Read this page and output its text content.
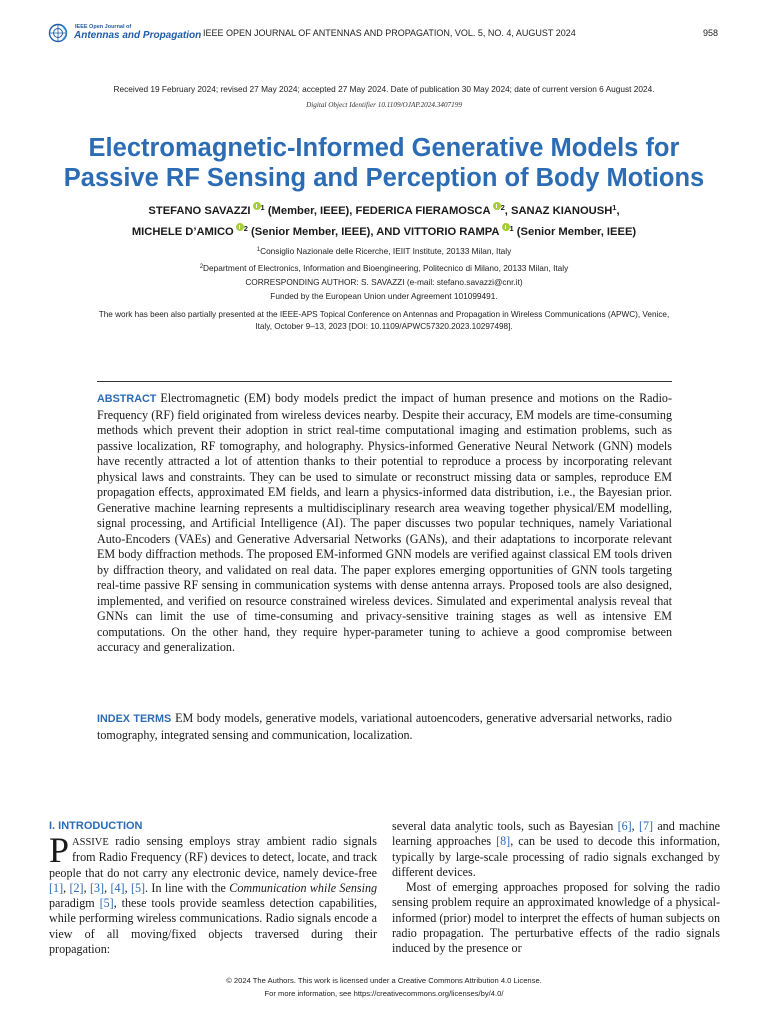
IEEE Open Journal of
Antennas and Propagation IEEE OPEN JOURNAL OF ANTENNAS AND PROPAGATION, VOL. 5, NO. 4, AUGUST 2024	958
Received 19 February 2024; revised 27 May 2024; accepted 27 May 2024. Date of publication 30 May 2024; date of current version 6 August 2024.
Digital Object Identifier 10.1109/OJAP.2024.3407199
Electromagnetic-Informed Generative Models for
Passive RF Sensing and Perception of Body Motions
STEFANO SAVAZZI $^1$ (Member, IEEE), FEDERICA FIERAMOSCA $^2$, SANAZ KIANOUSH$^1$,
MICHELE D’AMICO $^2$ (Senior Member, IEEE), AND VITTORIO RAMPA $^1$ (Senior Member, IEEE)
$^1$Consiglio Nazionale delle Ricerche, IEIIT Institute, 20133 Milan, Italy
$^2$Department of Electronics, Information and Bioengineering, Politecnico di Milano, 20133 Milan, Italy
CORRESPONDING AUTHOR: S. SAVAZZI (e-mail: stefano.savazzi@cnr.it)
Funded by the European Union under Agreement 101099491.
The work has been also partially presented at the IEEE-APS Topical Conference on Antennas and Propagation in Wireless Communications (APWC), Venice, Italy, October 9–13, 2023 [DOI: 10.1109/APWC57320.2023.10297498].
ABSTRACT Electromagnetic (EM) body models predict the impact of human presence and motions on the Radio-Frequency (RF) field originated from wireless devices nearby. Despite their accuracy, EM models are time-consuming methods which prevent their adoption in strict real-time computational imaging and estimation problems, such as passive localization, RF tomography, and holography. Physics-informed Generative Neural Network (GNN) models have recently attracted a lot of attention thanks to their potential to reproduce a process by incorporating relevant physical laws and constraints. They can be used to simulate or reconstruct missing data or samples, reproduce EM propagation effects, approximated EM fields, and learn a physics-informed data distribution, i.e., the Bayesian prior. Generative machine learning represents a multidisciplinary research area weaving together physical/EM modelling, signal processing, and Artificial Intelligence (AI). The paper discusses two popular techniques, namely Variational Auto-Encoders (VAEs) and Generative Adversarial Networks (GANs), and their adaptations to incorporate relevant EM body diffraction methods. The proposed EM-informed GNN models are verified against classical EM tools driven by diffraction theory, and validated on real data. The paper explores emerging opportunities of GNN tools targeting real-time passive RF sensing in communication systems with dense antenna arrays. Proposed tools are also designed, implemented, and verified on resource constrained wireless devices. Simulated and experimental analysis reveal that GNNs can limit the use of time-consuming and privacy-sensitive training stages as well as intensive EM computations. On the other hand, they require hyper-parameter tuning to achieve a good compromise between accuracy and generalization.
INDEX TERMS EM body models, generative models, variational autoencoders, generative adversarial networks, radio tomography, integrated sensing and communication, localization.
I. INTRODUCTION
PASSIVE radio sensing employs stray ambient radio signals from Radio Frequency (RF) devices to detect, locate, and track people that do not carry any electronic device, namely device-free [1], [2], [3], [4], [5]. In line with the Communication while Sensing paradigm [5], these tools provide seamless detection capabilities, while performing wireless communications. Radio signals encode a view of all moving/fixed objects traversed during their propagation:
several data analytic tools, such as Bayesian [6], [7] and machine learning approaches [8], can be used to decode this information, typically by large-scale processing of radio signals exchanged by different devices.
Most of emerging approaches proposed for solving the radio sensing problem require an approximated knowledge of a physical-informed (prior) model to interpret the effects of human subjects on radio propagation. The perturbative effects of the radio signals induced by the presence or
© 2024 The Authors. This work is licensed under a Creative Commons Attribution 4.0 License.
For more information, see https://creativecommons.org/licenses/by/4.0/
